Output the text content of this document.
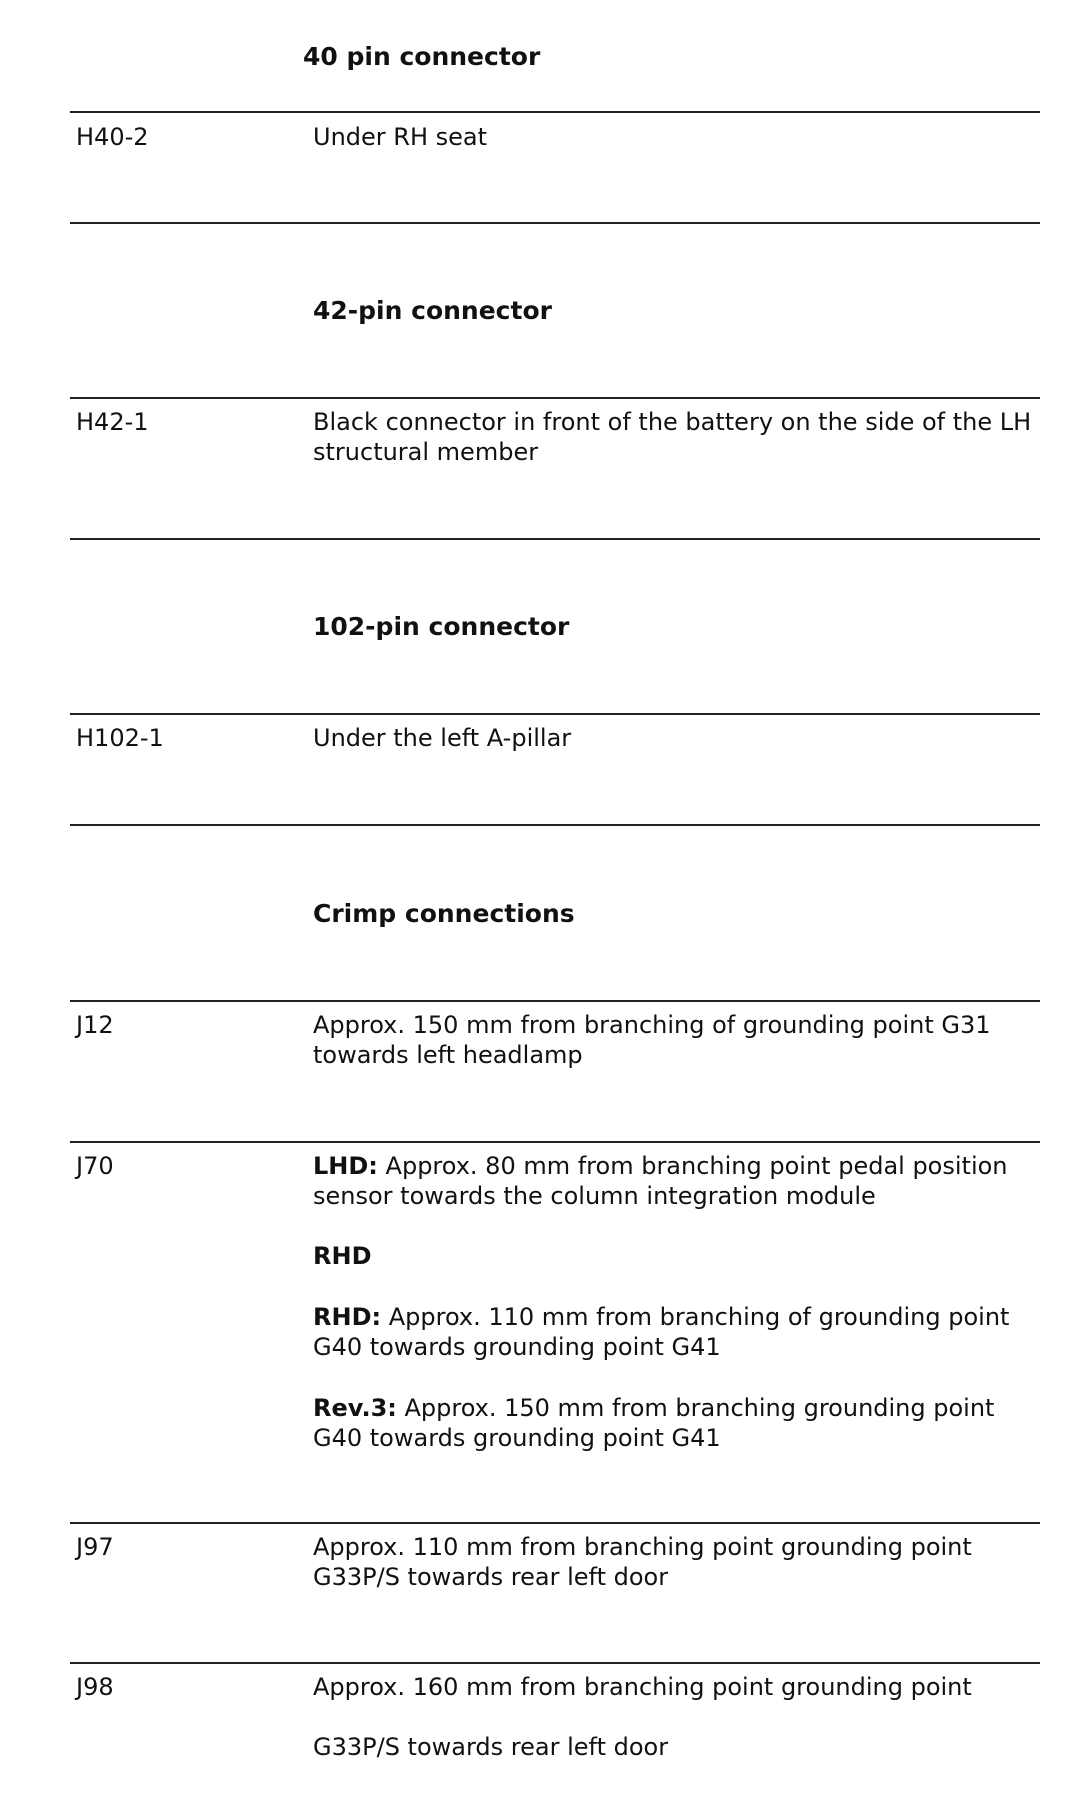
40 pin connector
H40-2	Under RH seat
42-pin connector
H42-1	Black connector in front of the battery on the side of the LH structural member
102-pin connector
H102-1	Under the left A-pillar
Crimp connections
J12	Approx. 150 mm from branching of grounding point G31 towards left headlamp
J70	LHD: Approx. 80 mm from branching point pedal position sensor towards the column integration module

RHD

RHD: Approx. 110 mm from branching of grounding point G40 towards grounding point G41

Rev.3: Approx. 150 mm from branching grounding point G40 towards grounding point G41

J97	Approx. 110 mm from branching point grounding point G33P/S towards rear left door
J98	Approx. 160 mm from branching point grounding point

G33P/S towards rear left door
